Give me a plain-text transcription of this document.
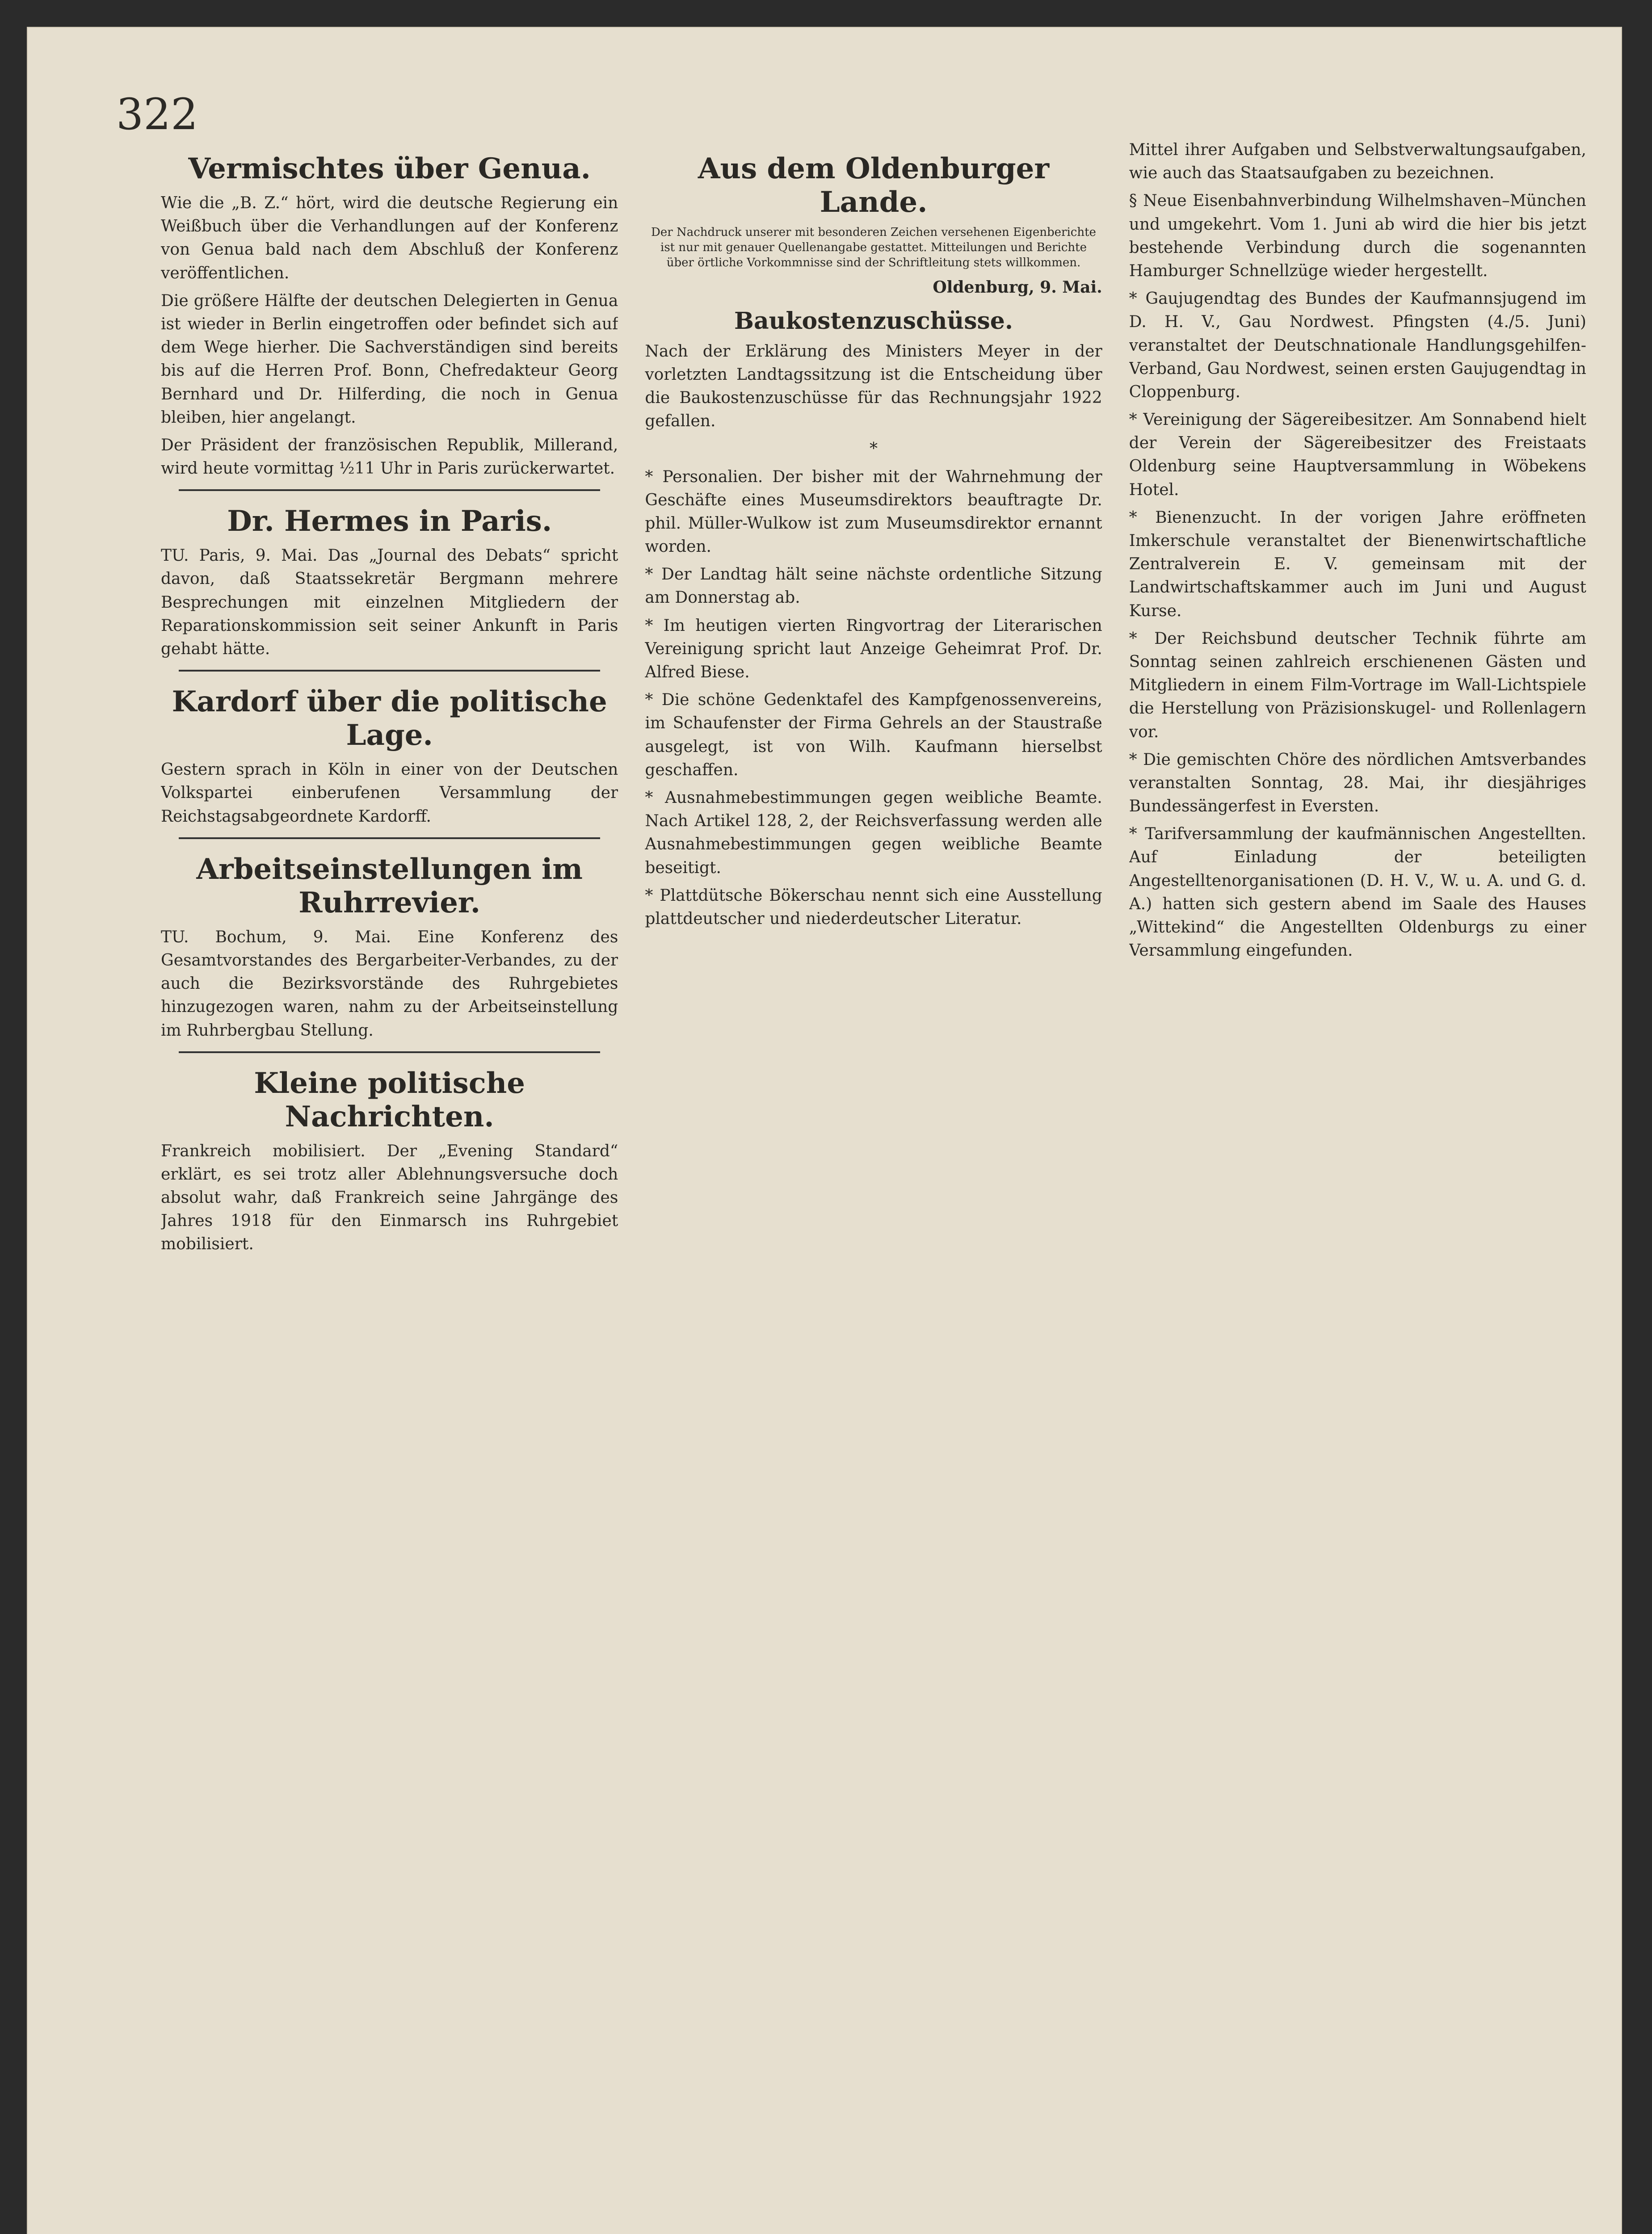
322
Vermischtes über Genua.

Wie die „B. Z.“ hört, wird die deutsche Regierung ein Weißbuch über die Verhandlungen auf der Konferenz von Genua bald nach dem Abschluß der Konferenz veröffentlichen.

Die größere Hälfte der deutschen Delegierten in Genua ist wieder in Berlin eingetroffen oder befindet sich auf dem Wege hierher. Die Sachverständigen sind bereits bis auf die Herren Prof. Bonn, Chefredakteur Georg Bernhard und Dr. Hilferding, die noch in Genua bleiben, hier angelangt.

Der Präsident der französischen Republik, Millerand, wird heute vormittag ½11 Uhr in Paris zurückerwartet.

Dr. Hermes in Paris.

TU. Paris, 9. Mai. Das „Journal des Debats“ spricht davon, daß Staatssekretär Bergmann mehrere Besprechungen mit einzelnen Mitgliedern der Reparationskommission seit seiner Ankunft in Paris gehabt hätte.

Kardorf über die politische Lage.

Gestern sprach in Köln in einer von der Deutschen Volkspartei einberufenen Versammlung der Reichstagsabgeordnete Kardorff.

Arbeitseinstellungen im Ruhrrevier.

TU. Bochum, 9. Mai. Eine Konferenz des Gesamtvorstandes des Bergarbeiter-Verbandes, zu der auch die Bezirksvorstände des Ruhrgebietes hinzugezogen waren, nahm zu der Arbeitseinstellung im Ruhrbergbau Stellung.

Kleine politische Nachrichten.

Frankreich mobilisiert. Der „Evening Standard“ erklärt, es sei trotz aller Ablehnungsversuche doch absolut wahr, daß Frankreich seine Jahrgänge des Jahres 1918 für den Einmarsch ins Ruhrgebiet mobilisiert.

Aus dem Oldenburger Lande.

Der Nachdruck unserer mit besonderen Zeichen versehenen Eigenberichte ist nur mit genauer Quellenangabe gestattet. Mitteilungen und Berichte über örtliche Vorkommnisse sind der Schriftleitung stets willkommen.

Oldenburg, 9. Mai.

Baukostenzuschüsse.

Nach der Erklärung des Ministers Meyer in der vorletzten Landtagssitzung ist die Entscheidung über die Baukostenzuschüsse für das Rechnungsjahr 1922 gefallen.

*

* Personalien. Der bisher mit der Wahrnehmung der Geschäfte eines Museumsdirektors beauftragte Dr. phil. Müller-Wulkow ist zum Museumsdirektor ernannt worden.

* Der Landtag hält seine nächste ordentliche Sitzung am Donnerstag ab.

* Im heutigen vierten Ringvortrag der Literarischen Vereinigung spricht laut Anzeige Geheimrat Prof. Dr. Alfred Biese.

* Die schöne Gedenktafel des Kampfgenossenvereins, im Schaufenster der Firma Gehrels an der Staustraße ausgelegt, ist von Wilh. Kaufmann hierselbst geschaffen.

* Ausnahmebestimmungen gegen weibliche Beamte. Nach Artikel 128, 2, der Reichsverfassung werden alle Ausnahmebestimmungen gegen weibliche Beamte beseitigt.

* Plattdütsche Bökerschau nennt sich eine Ausstellung plattdeutscher und niederdeutscher Literatur.

Mittel ihrer Aufgaben und Selbstverwaltungsaufgaben, wie auch das Staatsaufgaben zu bezeichnen.

§ Neue Eisenbahnverbindung Wilhelmshaven–München und umgekehrt. Vom 1. Juni ab wird die hier bis jetzt bestehende Verbindung durch die sogenannten Hamburger Schnellzüge wieder hergestellt.

* Gaujugendtag des Bundes der Kaufmannsjugend im D. H. V., Gau Nordwest. Pfingsten (4./5. Juni) veranstaltet der Deutschnationale Handlungsgehilfen-Verband, Gau Nordwest, seinen ersten Gaujugendtag in Cloppenburg.

* Vereinigung der Sägereibesitzer. Am Sonnabend hielt der Verein der Sägereibesitzer des Freistaats Oldenburg seine Hauptversammlung in Wöbekens Hotel.

* Bienenzucht. In der vorigen Jahre eröffneten Imkerschule veranstaltet der Bienenwirtschaftliche Zentralverein E. V. gemeinsam mit der Landwirtschaftskammer auch im Juni und August Kurse.

* Der Reichsbund deutscher Technik führte am Sonntag seinen zahlreich erschienenen Gästen und Mitgliedern in einem Film-Vortrage im Wall-Lichtspiele die Herstellung von Präzisionskugel- und Rollenlagern vor.

* Die gemischten Chöre des nördlichen Amtsverbandes veranstalten Sonntag, 28. Mai, ihr diesjähriges Bundessängerfest in Eversten.

* Tarifversammlung der kaufmännischen Angestellten. Auf Einladung der beteiligten Angestelltenorganisationen (D. H. V., W. u. A. und G. d. A.) hatten sich gestern abend im Saale des Hauses „Wittekind“ die Angestellten Oldenburgs zu einer Versammlung eingefunden.
